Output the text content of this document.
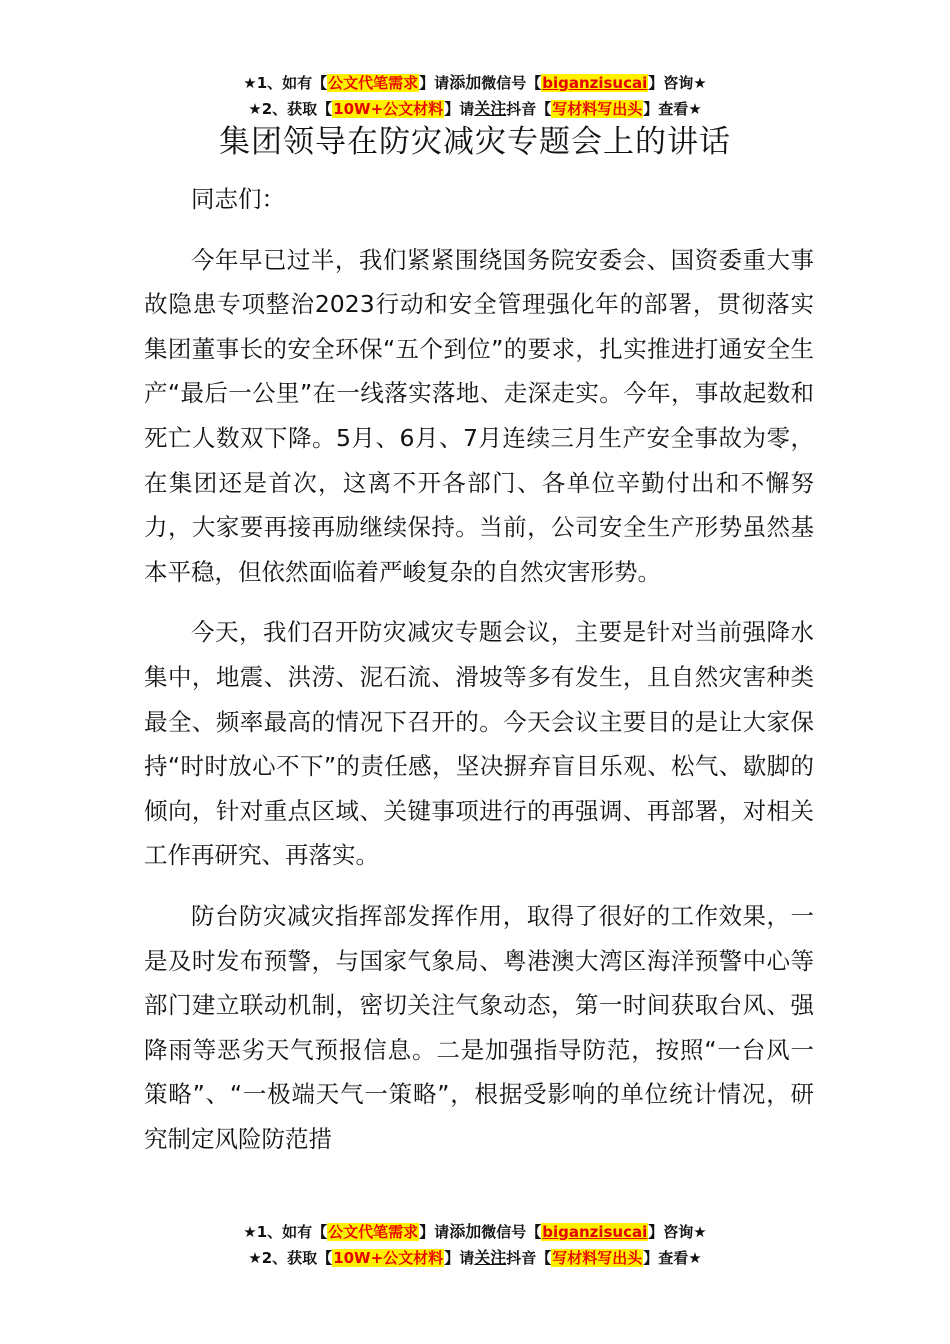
★1、如有【公文代笔需求】请添加微信号【biganzisucai】咨询★
★2、获取【10W+公文材料】请关注抖音【写材料写出头】查看★
集团领导在防灾减灾专题会上的讲话

同志们：

今年早已过半，我们紧紧围绕国务院安委会、国资委重大事故隐患专项整治2023行动和安全管理强化年的部署，贯彻落实集团董事长的安全环保“五个到位”的要求，扎实推进打通安全生产“最后一公里”在一线落实落地、走深走实。今年，事故起数和死亡人数双下降。5月、6月、7月连续三月生产安全事故为零，在集团还是首次，这离不开各部门、各单位辛勤付出和不懈努力，大家要再接再励继续保持。当前，公司安全生产形势虽然基本平稳，但依然面临着严峻复杂的自然灾害形势。

今天，我们召开防灾减灾专题会议，主要是针对当前强降水集中，地震、洪涝、泥石流、滑坡等多有发生，且自然灾害种类最全、频率最高的情况下召开的。今天会议主要目的是让大家保持“时时放心不下”的责任感，坚决摒弃盲目乐观、松气、歇脚的倾向，针对重点区域、关键事项进行的再强调、再部署，对相关工作再研究、再落实。

防台防灾减灾指挥部发挥作用，取得了很好的工作效果，一是及时发布预警，与国家气象局、粤港澳大湾区海洋预警中心等部门建立联动机制，密切关注气象动态，第一时间获取台风、强降雨等恶劣天气预报信息。二是加强指导防范，按照“一台风一策略”、“一极端天气一策略”，根据受影响的单位统计情况，研究制定风险防范措

★1、如有【公文代笔需求】请添加微信号【biganzisucai】咨询★
★2、获取【10W+公文材料】请关注抖音【写材料写出头】查看★
